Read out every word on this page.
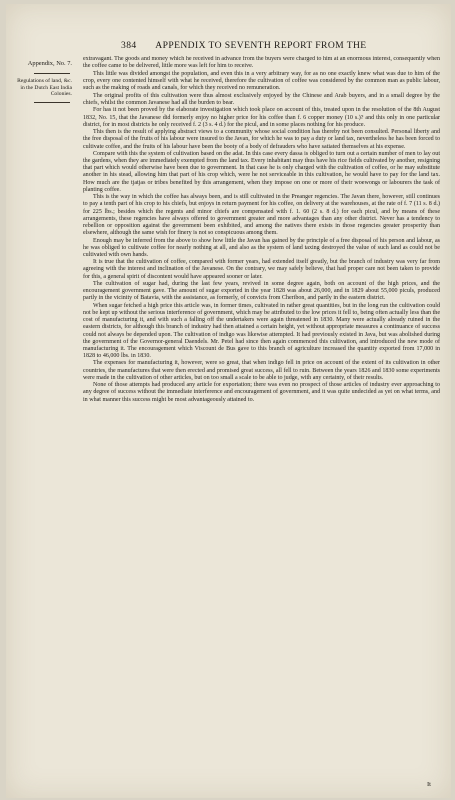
384 APPENDIX TO SEVENTH REPORT FROM THE
Appendix, No. 7.
Regulations of land, &c. in the Dutch East India Colonies.

extravagant. The goods and money which he received in advance from the buyers were charged to him at an enormous interest, consequently when the coffee came to be delivered, little more was left for him to receive.

This little was divided amongst the population, and even this in a very arbitrary way, for as no one exactly knew what was due to him of the crop, every one contented himself with what he received, therefore the cultivation of coffee was considered by the common man as public labour, such as the making of roads and canals, for which they received no remuneration.

The original profits of this cultivation were thus almost exclusively enjoyed by the Chinese and Arab buyers, and in a small degree by the chiefs, whilst the common Javanese had all the burden to bear.

For has it not been proved by the elaborate investigation which took place on account of this, treated upon in the resolution of the 8th August 1832, No. 15, that the Javanese did formerly enjoy no higher price for his coffee than f. 6 copper money (10 s.)? and this only in one particular district, for in most districts he only received f. 2 (3 s. 4 d.) for the picul, and in some places nothing for his produce.

This then is the result of applying abstract views to a community whose social condition has thereby not been consulted. Personal liberty and the free disposal of the fruits of his labour were insured to the Javan, for which he was to pay a duty or land tax, nevertheless he has been forced to cultivate coffee, and the fruits of his labour have been the booty of a body of defrauders who have satiated themselves at his expense.

Compare with this the system of cultivation based on the adat. In this case every dassa is obliged to turn out a certain number of men to lay out the gardens, when they are immediately exempted from the land tax. Every inhabitant may thus have his rice fields cultivated by another, resigning that part which would otherwise have been due to government. In that case he is only charged with the cultivation of coffee, or he may substitute another in his stead, allowing him that part of his crop which, were he not serviceable in this cultivation, he would have to pay for the land tax. How much are the tjatjas or tribes benefited by this arrangement, when they impose on one or more of their woewongs or labourers the task of planting coffee.

This is the way in which the coffee has always been, and is still cultivated in the Preanger regencies. The Javan there, however, still continues to pay a tenth part of his crop to his chiefs, but enjoys in return payment for his coffee, on delivery at the warehouses, at the rate of f. 7 (11 s. 8 d.) for 225 lbs.; besides which the regents and minor chiefs are compensated with f. 1. 60 (2 s. 8 d.) for each picul, and by means of these arrangements, these regencies have always offered to government greater and more advantages than any other district. Never has a tendency to rebellion or opposition against the government been exhibited, and among the natives there exists in those regencies greater prosperity than elsewhere, although the same wish for finery is not so conspicuous among them.

Enough may be inferred from the above to show how little the Javan has gained by the principle of a free disposal of his person and labour, as he was obliged to cultivate coffee for nearly nothing at all, and also as the system of land taxing destroyed the value of such land as could not be cultivated with own hands.

It is true that the cultivation of coffee, compared with former years, had extended itself greatly, but the branch of industry was very far from agreeing with the interest and inclination of the Javanese. On the contrary, we may safely believe, that had proper care not been taken to provide for this, a general spirit of discontent would have appeared sooner or later.

The cultivation of sugar had, during the last few years, revived in some degree again, both on account of the high prices, and the encouragement government gave. The amount of sugar exported in the year 1828 was about 26,000, and in 1829 about 55,000 piculs, produced partly in the vicinity of Batavia, with the assistance, as formerly, of convicts from Cheribon, and partly in the eastern district.

When sugar fetched a high price this article was, in former times, cultivated in rather great quantities, but in the long run the cultivation could not be kept up without the serious interference of government, which may be attributed to the low prices it fell to, being often actually less than the cost of manufacturing it, and with such a falling off the undertakers were again threatened in 1830. Many were actually already ruined in the eastern districts, for although this branch of industry had then attained a certain height, yet without appropriate measures a continuance of success could not always be depended upon. The cultivation of indigo was likewise attempted. It had previously existed in Java, but was abolished during the government of the Governor-general Daendels. Mr. Petel had since then again commenced this cultivation, and introduced the new mode of manufacturing it. The encouragement which Viscount de Bus gave to this branch of agriculture increased the quantity exported from 17,000 in 1828 to 46,000 lbs. in 1830.

The expenses for manufacturing it, however, were so great, that when indigo fell in price on account of the extent of its cultivation in other countries, the manufactures that were then erected and promised great success, all fell to ruin. Between the years 1826 and 1830 some experiments were made in the cultivation of other articles, but on too small a scale to be able to judge, with any certainty, of their results.

None of those attempts had produced any article for exportation; there was even no prospect of those articles of industry ever approaching to any degree of success without the immediate interference and encouragement of government, and it was quite undecided as yet on what terms, and in what manner this success might be most advantageously attained to.

It
